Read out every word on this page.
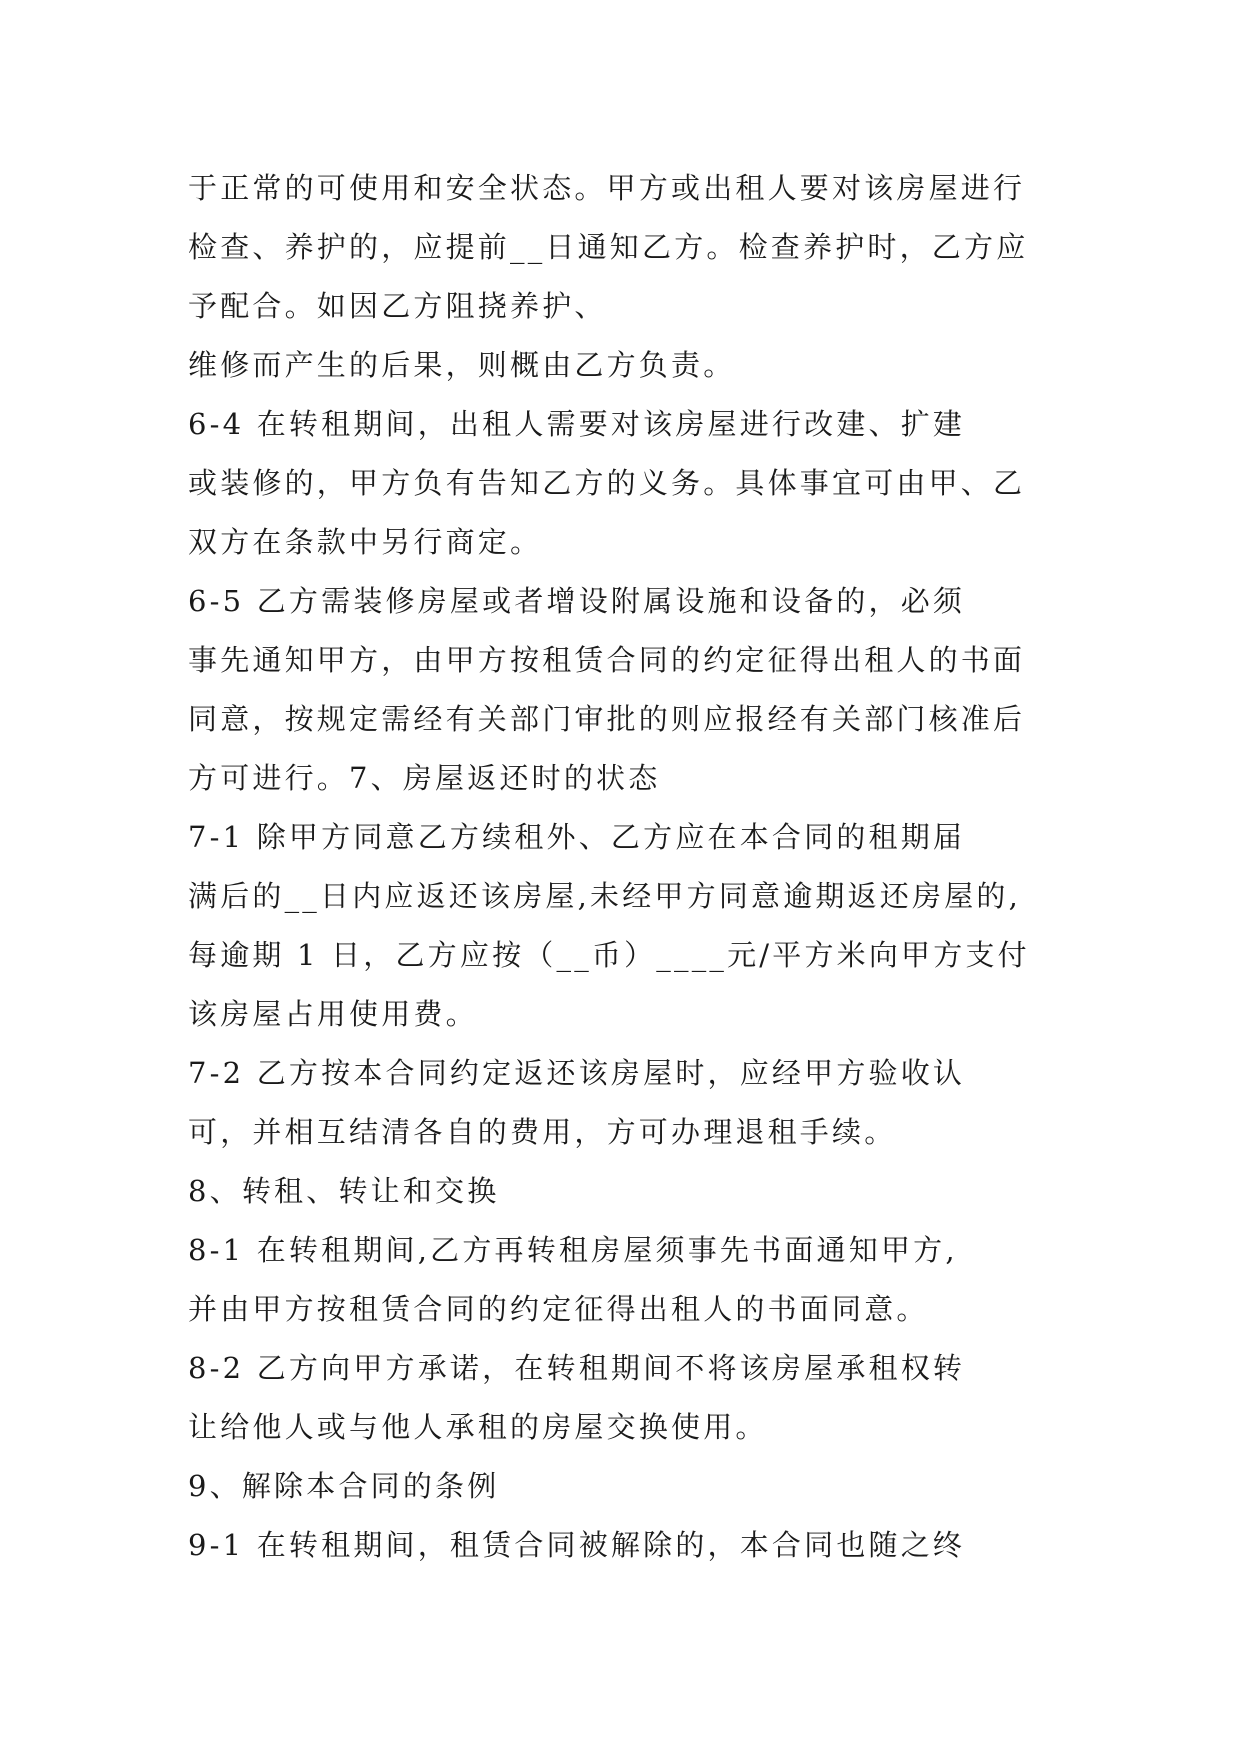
于正常的可使用和安全状态。甲方或出租人要对该房屋进行

检查、养护的，应提前__日通知乙方。检查养护时，乙方应

予配合。如因乙方阻挠养护、

维修而产生的后果，则概由乙方负责。

6-4 在转租期间，出租人需要对该房屋进行改建、扩建

或装修的，甲方负有告知乙方的义务。具体事宜可由甲、乙

双方在条款中另行商定。

6-5 乙方需装修房屋或者增设附属设施和设备的，必须

事先通知甲方，由甲方按租赁合同的约定征得出租人的书面

同意，按规定需经有关部门审批的则应报经有关部门核准后

方可进行。7、房屋返还时的状态

7-1 除甲方同意乙方续租外、乙方应在本合同的租期届

满后的__日内应返还该房屋,未经甲方同意逾期返还房屋的,

每逾期 1 日，乙方应按（__币）____元/平方米向甲方支付

该房屋占用使用费。

7-2 乙方按本合同约定返还该房屋时，应经甲方验收认

可，并相互结清各自的费用，方可办理退租手续。

8、转租、转让和交换

8-1 在转租期间,乙方再转租房屋须事先书面通知甲方,

并由甲方按租赁合同的约定征得出租人的书面同意。

8-2 乙方向甲方承诺，在转租期间不将该房屋承租权转

让给他人或与他人承租的房屋交换使用。

9、解除本合同的条例

9-1 在转租期间，租赁合同被解除的，本合同也随之终
